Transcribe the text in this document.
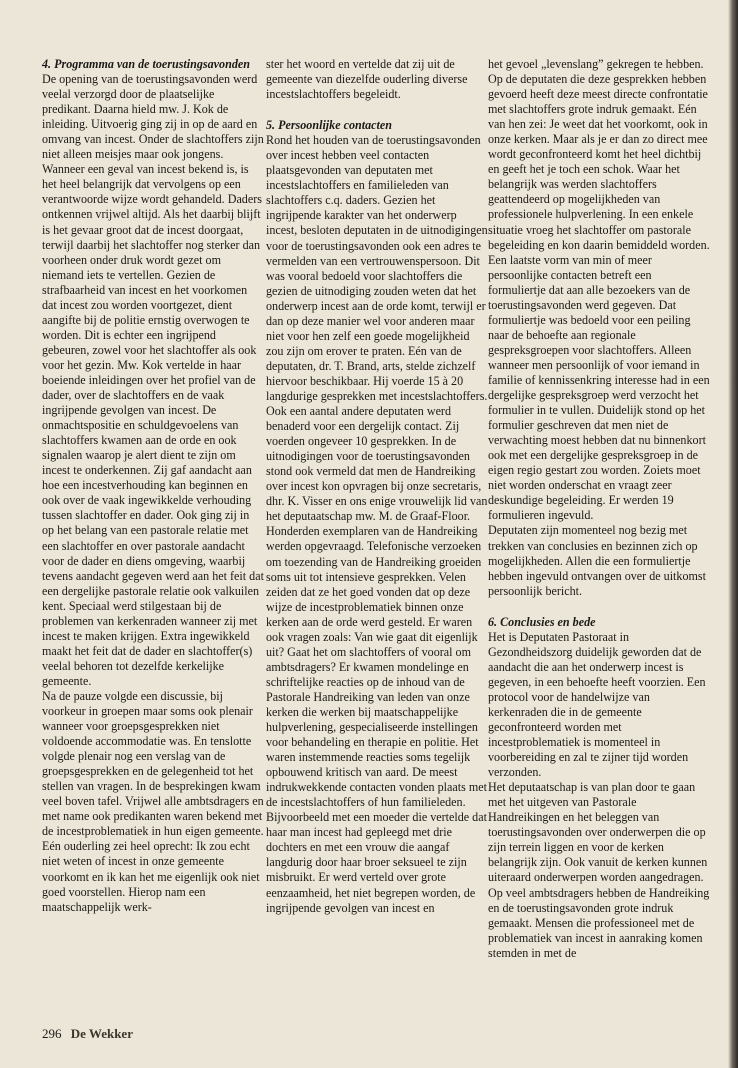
4. Programma van de toerustingsavonden

De opening van de toerustingsavonden werd veelal verzorgd door de plaatselijke predikant. Daarna hield mw. J. Kok de inleiding. Uitvoerig ging zij in op de aard en omvang van incest. Onder de slachtoffers zijn niet alleen meisjes maar ook jongens. Wanneer een geval van incest bekend is, is het heel belangrijk dat vervolgens op een verantwoorde wijze wordt gehandeld. Daders ontkennen vrijwel altijd. Als het daarbij blijft is het gevaar groot dat de incest doorgaat, terwijl daarbij het slachtoffer nog sterker dan voorheen onder druk wordt gezet om niemand iets te vertellen. Gezien de strafbaarheid van incest en het voorkomen dat incest zou worden voortgezet, dient aangifte bij de politie ernstig overwogen te worden. Dit is echter een ingrijpend gebeuren, zowel voor het slachtoffer als ook voor het gezin. Mw. Kok vertelde in haar boeiende inleidingen over het profiel van de dader, over de slachtoffers en de vaak ingrijpende gevolgen van incest. De onmachtspositie en schuldgevoelens van slachtoffers kwamen aan de orde en ook signalen waarop je alert dient te zijn om incest te onderkennen. Zij gaf aandacht aan hoe een incestverhouding kan beginnen en ook over de vaak ingewikkelde verhouding tussen slachtoffer en dader. Ook ging zij in op het belang van een pastorale relatie met een slachtoffer en over pastorale aandacht voor de dader en diens omgeving, waarbij tevens aandacht gegeven werd aan het feit dat een dergelijke pastorale relatie ook valkuilen kent. Speciaal werd stilgestaan bij de problemen van kerkenraden wanneer zij met incest te maken krijgen. Extra ingewikkeld maakt het feit dat de dader en slachtoffer(s) veelal behoren tot dezelfde kerkelijke gemeente.

Na de pauze volgde een discussie, bij voorkeur in groepen maar soms ook plenair wanneer voor groepsgesprekken niet voldoende accommodatie was. En tenslotte volgde plenair nog een verslag van de groepsgesprekken en de gelegenheid tot het stellen van vragen. In de besprekingen kwam veel boven tafel. Vrijwel alle ambtsdragers en met name ook predikanten waren bekend met de incestproblematiek in hun eigen gemeente. Eén ouderling zei heel oprecht: Ik zou echt niet weten of incest in onze gemeente voorkomt en ik kan het me eigenlijk ook niet goed voorstellen. Hierop nam een maatschappelijk werk-

ster het woord en vertelde dat zij uit de gemeente van diezelfde ouderling diverse incestslachtoffers begeleidt.

5. Persoonlijke contacten

Rond het houden van de toerustingsavonden over incest hebben veel contacten plaatsgevonden van deputaten met incestslachtoffers en familieleden van slachtoffers c.q. daders. Gezien het ingrijpende karakter van het onderwerp incest, besloten deputaten in de uitnodigingen voor de toerustingsavonden ook een adres te vermelden van een vertrouwenspersoon. Dit was vooral bedoeld voor slachtoffers die gezien de uitnodiging zouden weten dat het onderwerp incest aan de orde komt, terwijl er dan op deze manier wel voor anderen maar niet voor hen zelf een goede mogelijkheid zou zijn om erover te praten. Eén van de deputaten, dr. T. Brand, arts, stelde zichzelf hiervoor beschikbaar. Hij voerde 15 à 20 langdurige gesprekken met incestslachtoffers. Ook een aantal andere deputaten werd benaderd voor een dergelijk contact. Zij voerden ongeveer 10 gesprekken. In de uitnodigingen voor de toerustingsavonden stond ook vermeld dat men de Handreiking over incest kon opvragen bij onze secretaris, dhr. K. Visser en ons enige vrouwelijk lid van het deputaatschap mw. M. de Graaf-Floor. Honderden exemplaren van de Handreiking werden opgevraagd. Telefonische verzoeken om toezending van de Handreiking groeiden soms uit tot intensieve gesprekken. Velen zeiden dat ze het goed vonden dat op deze wijze de incestproblematiek binnen onze kerken aan de orde werd gesteld. Er waren ook vragen zoals: Van wie gaat dit eigenlijk uit? Gaat het om slachtoffers of vooral om ambtsdragers? Er kwamen mondelinge en schriftelijke reacties op de inhoud van de Pastorale Handreiking van leden van onze kerken die werken bij maatschappelijke hulpverlening, gespecialiseerde instellingen voor behandeling en therapie en politie. Het waren instemmende reacties soms tegelijk opbouwend kritisch van aard. De meest indrukwekkende contacten vonden plaats met de incestslachtoffers of hun familieleden. Bijvoorbeeld met een moeder die vertelde dat haar man incest had gepleegd met drie dochters en met een vrouw die aangaf langdurig door haar broer seksueel te zijn misbruikt. Er werd verteld over grote eenzaamheid, het niet begrepen worden, de ingrijpende gevolgen van incest en

het gevoel „levenslang” gekregen te hebben. Op de deputaten die deze gesprekken hebben gevoerd heeft deze meest directe confrontatie met slachtoffers grote indruk gemaakt. Eén van hen zei: Je weet dat het voorkomt, ook in onze kerken. Maar als je er dan zo direct mee wordt geconfronteerd komt het heel dichtbij en geeft het je toch een schok. Waar het belangrijk was werden slachtoffers geattendeerd op mogelijkheden van professionele hulpverlening. In een enkele situatie vroeg het slachtoffer om pastorale begeleiding en kon daarin bemiddeld worden. Een laatste vorm van min of meer persoonlijke contacten betreft een formuliertje dat aan alle bezoekers van de toerustingsavonden werd gegeven. Dat formuliertje was bedoeld voor een peiling naar de behoefte aan regionale gespreksgroepen voor slachtoffers. Alleen wanneer men persoonlijk of voor iemand in familie of kennissenkring interesse had in een dergelijke gespreksgroep werd verzocht het formulier in te vullen. Duidelijk stond op het formulier geschreven dat men niet de verwachting moest hebben dat nu binnenkort ook met een dergelijke gespreksgroep in de eigen regio gestart zou worden. Zoiets moet niet worden onderschat en vraagt zeer deskundige begeleiding. Er werden 19 formulieren ingevuld.

Deputaten zijn momenteel nog bezig met trekken van conclusies en bezinnen zich op mogelijkheden. Allen die een formuliertje hebben ingevuld ontvangen over de uitkomst persoonlijk bericht.

6. Conclusies en bede

Het is Deputaten Pastoraat in Gezondheidszorg duidelijk geworden dat de aandacht die aan het onderwerp incest is gegeven, in een behoefte heeft voorzien. Een protocol voor de handelwijze van kerkenraden die in de gemeente geconfronteerd worden met incestproblematiek is momenteel in voorbereiding en zal te zijner tijd worden verzonden.

Het deputaatschap is van plan door te gaan met het uitgeven van Pastorale Handreikingen en het beleggen van toerustingsavonden over onderwerpen die op zijn terrein liggen en voor de kerken belangrijk zijn. Ook vanuit de kerken kunnen uiteraard onderwerpen worden aangedragen.

Op veel ambtsdragers hebben de Handreiking en de toerustingsavonden grote indruk gemaakt. Mensen die professioneel met de problematiek van incest in aanraking komen stemden in met de

296 De Wekker
